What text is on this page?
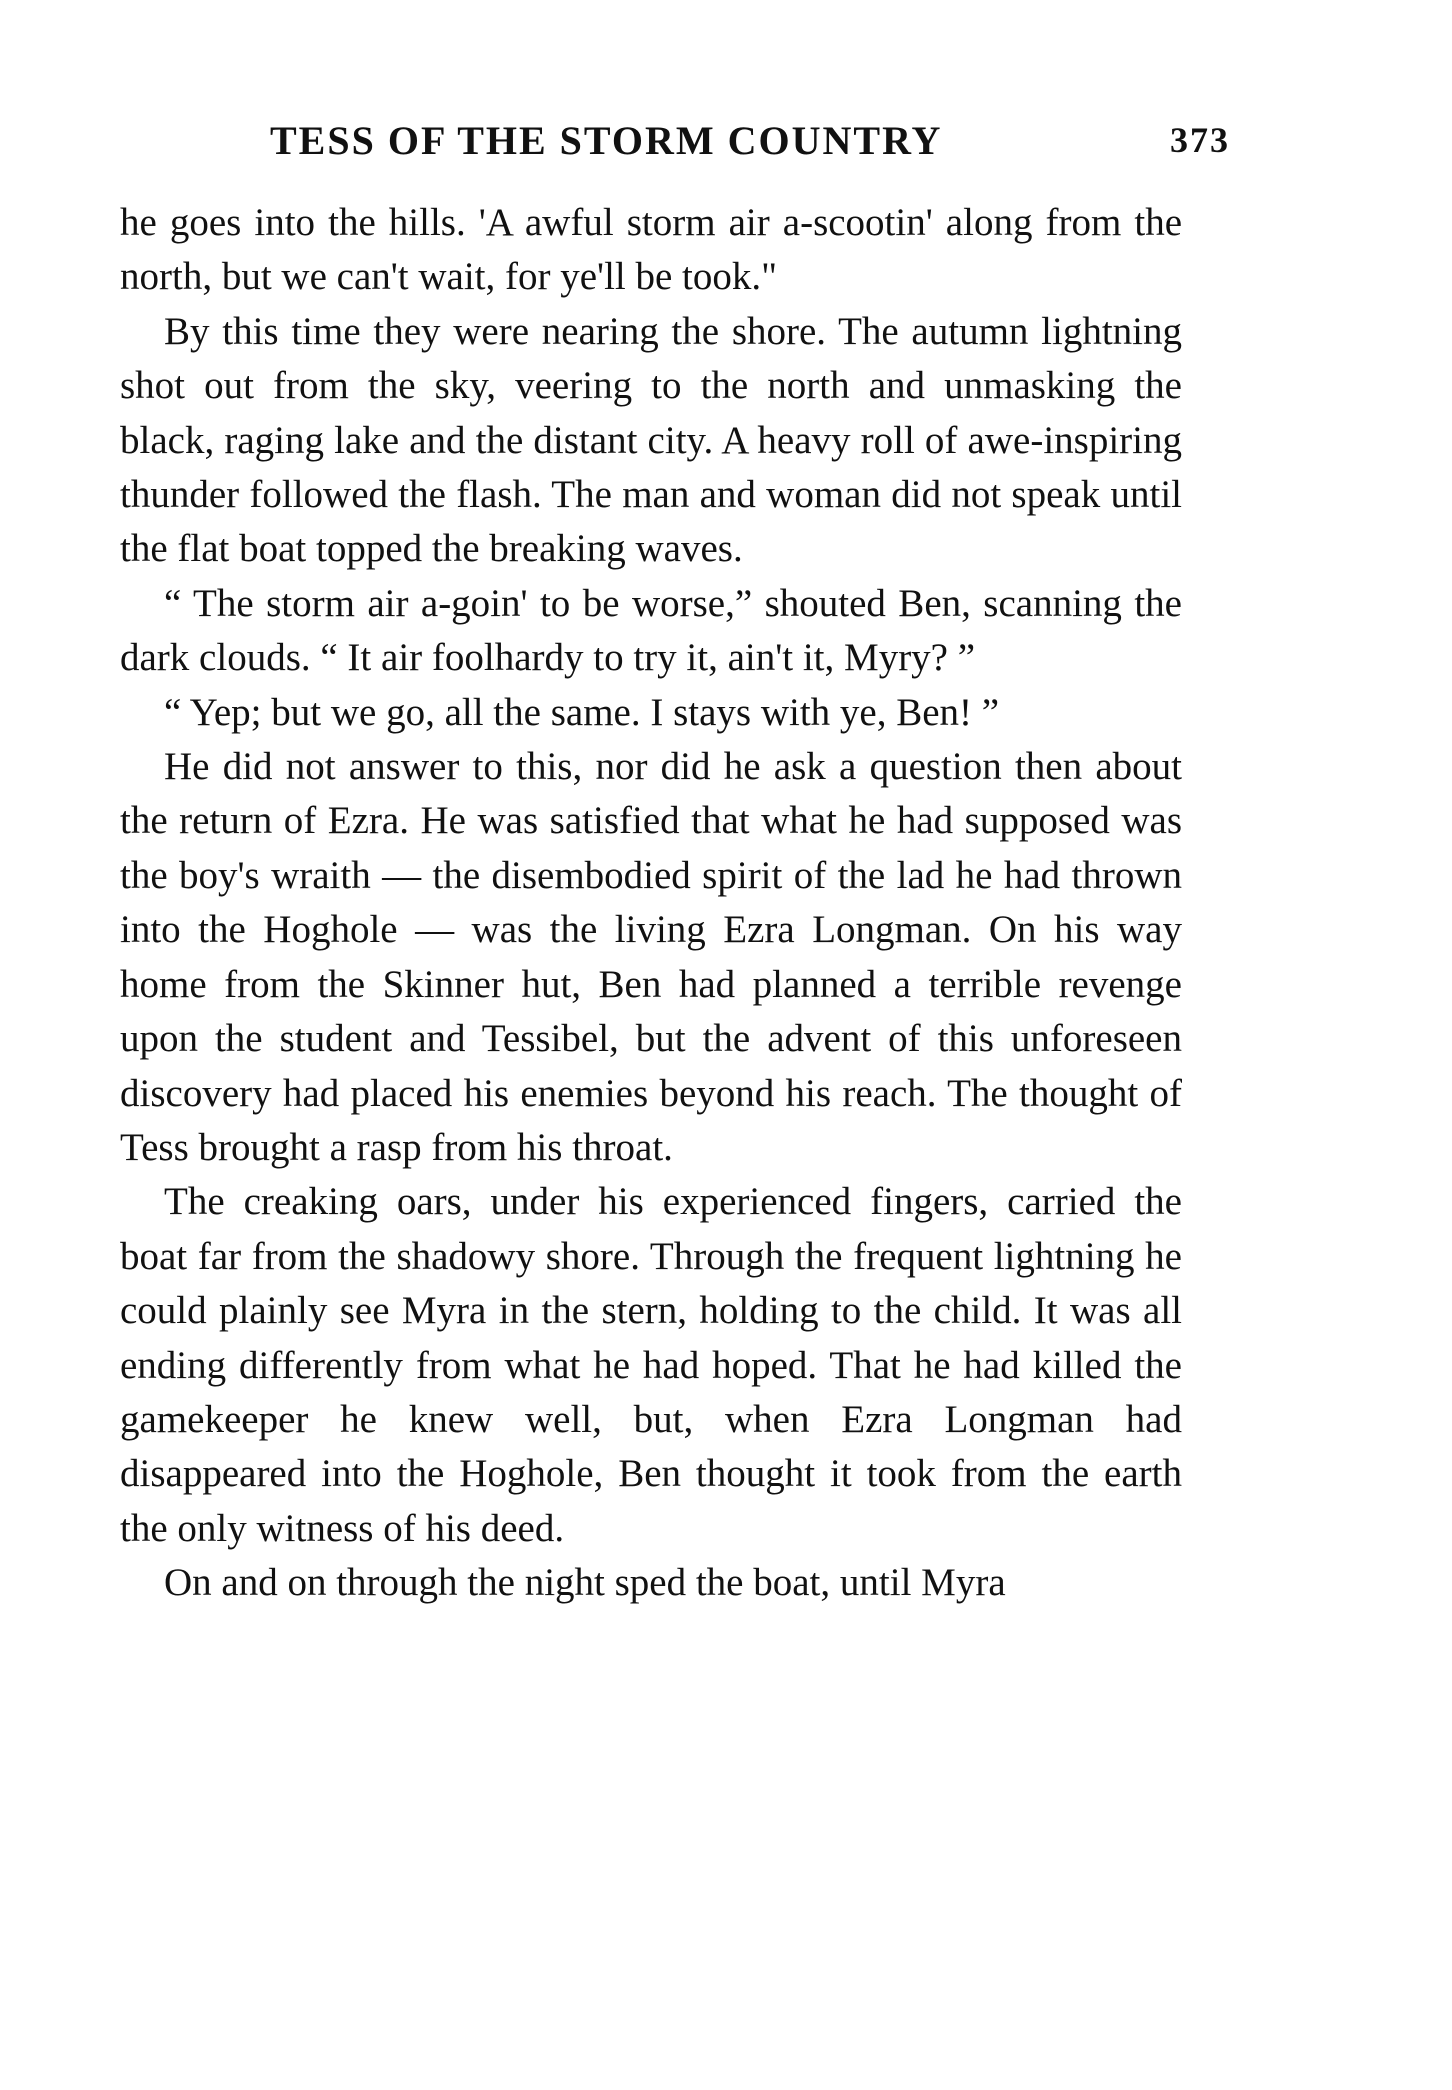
TESS OF THE STORM COUNTRY	373

he goes into the hills. 'A awful storm air a-scootin' along from the north, but we can't wait, for ye'll be took."

By this time they were nearing the shore. The autumn lightning shot out from the sky, veering to the north and unmasking the black, raging lake and the distant city. A heavy roll of awe-inspiring thunder followed the flash. The man and woman did not speak until the flat boat topped the breaking waves.

“ The storm air a-goin' to be worse,” shouted Ben, scanning the dark clouds. “ It air foolhardy to try it, ain't it, Myry? ”

“ Yep; but we go, all the same. I stays with ye, Ben! ”

He did not answer to this, nor did he ask a question then about the return of Ezra. He was satisfied that what he had supposed was the boy's wraith — the disembodied spirit of the lad he had thrown into the Hoghole — was the living Ezra Longman. On his way home from the Skinner hut, Ben had planned a terrible revenge upon the student and Tessibel, but the advent of this unforeseen discovery had placed his enemies beyond his reach. The thought of Tess brought a rasp from his throat.

The creaking oars, under his experienced fingers, carried the boat far from the shadowy shore. Through the frequent lightning he could plainly see Myra in the stern, holding to the child. It was all ending differently from what he had hoped. That he had killed the gamekeeper he knew well, but, when Ezra Longman had disappeared into the Hoghole, Ben thought it took from the earth the only witness of his deed.

On and on through the night sped the boat, until Myra
